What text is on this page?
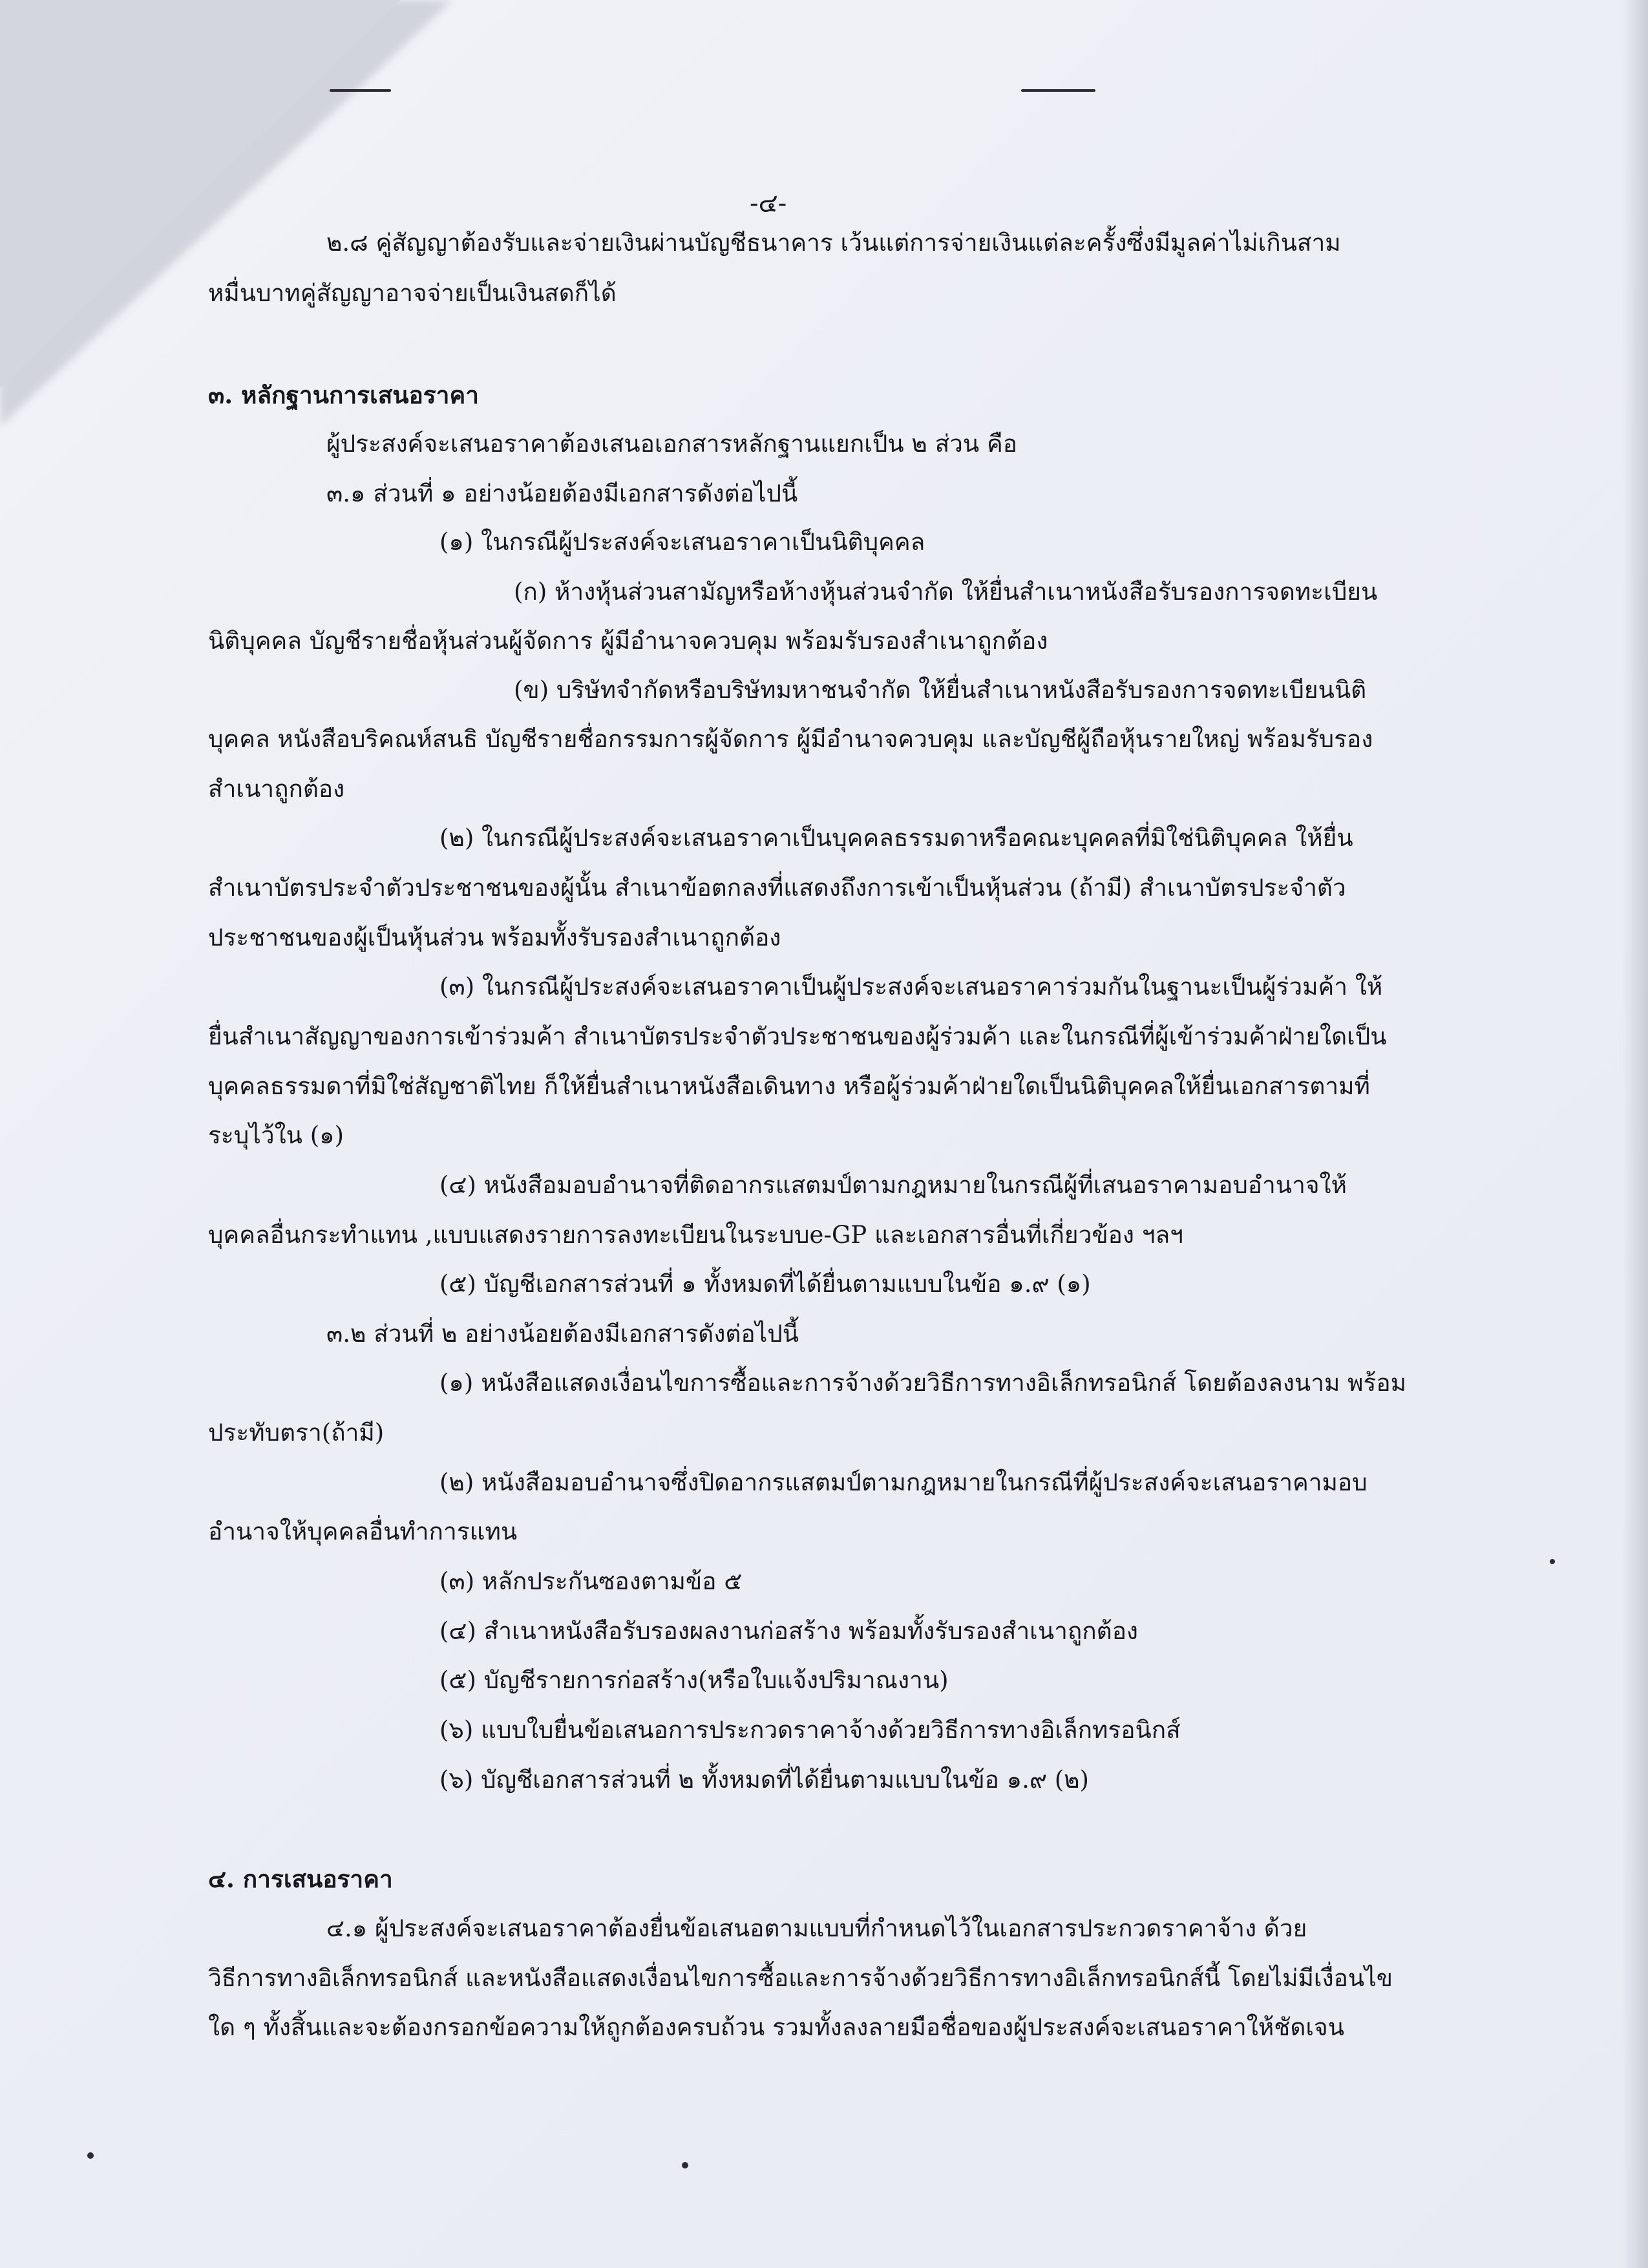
-๔-
๒.๘ คู่สัญญาต้องรับและจ่ายเงินผ่านบัญชีธนาคาร เว้นแต่การจ่ายเงินแต่ละครั้งซึ่งมีมูลค่าไม่เกินสาม
หมื่นบาทคู่สัญญาอาจจ่ายเป็นเงินสดก็ได้
๓. หลักฐานการเสนอราคา
ผู้ประสงค์จะเสนอราคาต้องเสนอเอกสารหลักฐานแยกเป็น ๒ ส่วน คือ
๓.๑ ส่วนที่ ๑ อย่างน้อยต้องมีเอกสารดังต่อไปนี้
(๑) ในกรณีผู้ประสงค์จะเสนอราคาเป็นนิติบุคคล
(ก) ห้างหุ้นส่วนสามัญหรือห้างหุ้นส่วนจำกัด ให้ยื่นสำเนาหนังสือรับรองการจดทะเบียน
นิติบุคคล บัญชีรายชื่อหุ้นส่วนผู้จัดการ ผู้มีอำนาจควบคุม พร้อมรับรองสำเนาถูกต้อง
(ข) บริษัทจำกัดหรือบริษัทมหาชนจำกัด ให้ยื่นสำเนาหนังสือรับรองการจดทะเบียนนิติ
บุคคล หนังสือบริคณห์สนธิ บัญชีรายชื่อกรรมการผู้จัดการ ผู้มีอำนาจควบคุม และบัญชีผู้ถือหุ้นรายใหญ่ พร้อมรับรอง
สำเนาถูกต้อง
(๒) ในกรณีผู้ประสงค์จะเสนอราคาเป็นบุคคลธรรมดาหรือคณะบุคคลที่มิใช่นิติบุคคล ให้ยื่น
สำเนาบัตรประจำตัวประชาชนของผู้นั้น สำเนาข้อตกลงที่แสดงถึงการเข้าเป็นหุ้นส่วน (ถ้ามี) สำเนาบัตรประจำตัว
ประชาชนของผู้เป็นหุ้นส่วน พร้อมทั้งรับรองสำเนาถูกต้อง
(๓) ในกรณีผู้ประสงค์จะเสนอราคาเป็นผู้ประสงค์จะเสนอราคาร่วมกันในฐานะเป็นผู้ร่วมค้า ให้
ยื่นสำเนาสัญญาของการเข้าร่วมค้า สำเนาบัตรประจำตัวประชาชนของผู้ร่วมค้า และในกรณีที่ผู้เข้าร่วมค้าฝ่ายใดเป็น
บุคคลธรรมดาที่มิใช่สัญชาติไทย ก็ให้ยื่นสำเนาหนังสือเดินทาง หรือผู้ร่วมค้าฝ่ายใดเป็นนิติบุคคลให้ยื่นเอกสารตามที่
ระบุไว้ใน (๑)
(๔) หนังสือมอบอำนาจที่ติดอากรแสตมป์ตามกฎหมายในกรณีผู้ที่เสนอราคามอบอำนาจให้
บุคคลอื่นกระทำแทน ,แบบแสดงรายการลงทะเบียนในระบบe-GP และเอกสารอื่นที่เกี่ยวข้อง ฯลฯ
(๕) บัญชีเอกสารส่วนที่ ๑ ทั้งหมดที่ได้ยื่นตามแบบในข้อ ๑.๙ (๑)
๓.๒ ส่วนที่ ๒ อย่างน้อยต้องมีเอกสารดังต่อไปนี้
(๑) หนังสือแสดงเงื่อนไขการซื้อและการจ้างด้วยวิธีการทางอิเล็กทรอนิกส์ โดยต้องลงนาม พร้อม
ประทับตรา(ถ้ามี)
(๒) หนังสือมอบอำนาจซึ่งปิดอากรแสตมป์ตามกฎหมายในกรณีที่ผู้ประสงค์จะเสนอราคามอบ
อำนาจให้บุคคลอื่นทำการแทน
(๓) หลักประกันซองตามข้อ ๕
(๔) สำเนาหนังสือรับรองผลงานก่อสร้าง พร้อมทั้งรับรองสำเนาถูกต้อง
(๕) บัญชีรายการก่อสร้าง(หรือใบแจ้งปริมาณงาน)
(๖) แบบใบยื่นข้อเสนอการประกวดราคาจ้างด้วยวิธีการทางอิเล็กทรอนิกส์
(๖) บัญชีเอกสารส่วนที่ ๒ ทั้งหมดที่ได้ยื่นตามแบบในข้อ ๑.๙ (๒)
๔. การเสนอราคา
๔.๑ ผู้ประสงค์จะเสนอราคาต้องยื่นข้อเสนอตามแบบที่กำหนดไว้ในเอกสารประกวดราคาจ้าง ด้วย
วิธีการทางอิเล็กทรอนิกส์ และหนังสือแสดงเงื่อนไขการซื้อและการจ้างด้วยวิธีการทางอิเล็กทรอนิกส์นี้ โดยไม่มีเงื่อนไข
ใด ๆ ทั้งสิ้นและจะต้องกรอกข้อความให้ถูกต้องครบถ้วน รวมทั้งลงลายมือชื่อของผู้ประสงค์จะเสนอราคาให้ชัดเจน
